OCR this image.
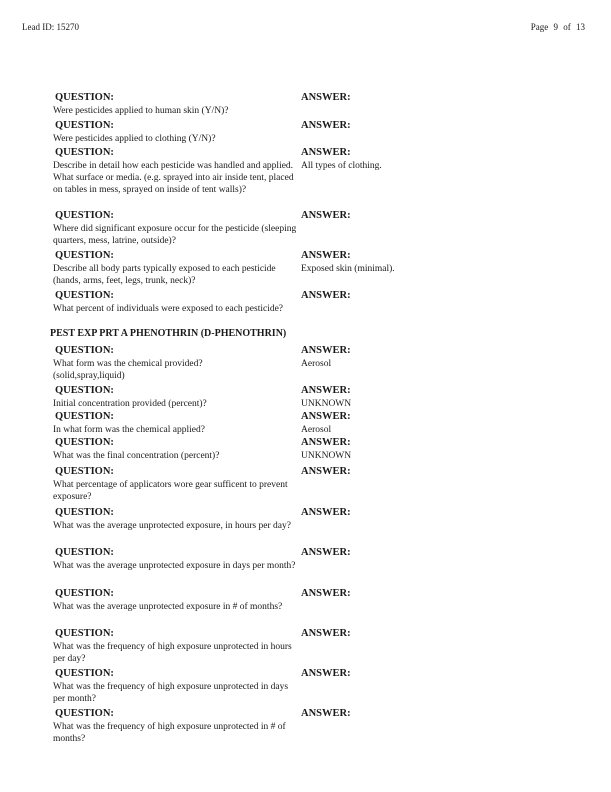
Lead ID: 15270	Page 9 of 13
QUESTION:
Were pesticides applied to human skin (Y/N)?
ANSWER:
QUESTION:
Were pesticides applied to clothing (Y/N)?
ANSWER:
QUESTION:
Describe in detail how each pesticide was handled and applied. What surface or media. (e.g. sprayed into air inside tent, placed on tables in mess, sprayed on inside of tent walls)?
ANSWER:
All types of clothing.
QUESTION:
Where did significant exposure occur for the pesticide (sleeping quarters, mess, latrine, outside)?
ANSWER:
QUESTION:
Describe all body parts typically exposed to each pesticide (hands, arms, feet, legs, trunk, neck)?
ANSWER:
Exposed skin (minimal).
QUESTION:
What percent of individuals were exposed to each pesticide?
ANSWER:
PEST EXP PRT A PHENOTHRIN (D-PHENOTHRIN)
QUESTION:
What form was the chemical provided?(solid,spray,liquid)
ANSWER:
Aerosol
QUESTION:
Initial concentration provided (percent)?
ANSWER:
UNKNOWN
QUESTION:
In what form was the chemical applied?
ANSWER:
Aerosol
QUESTION:
What was the final concentration (percent)?
ANSWER:
UNKNOWN
QUESTION:
What percentage of applicators wore gear sufficent to prevent exposure?
ANSWER:
QUESTION:
What was the average unprotected exposure, in hours per day?
ANSWER:
QUESTION:
What was the average unprotected exposure in days per month?
ANSWER:
QUESTION:
What was the average unprotected exposure in # of months?
ANSWER:
QUESTION:
What was the frequency of high exposure unprotected in hours per day?
ANSWER:
QUESTION:
What was the frequency of high exposure unprotected in days per month?
ANSWER:
QUESTION:
What was the frequency of high exposure unprotected in # of months?
ANSWER:
